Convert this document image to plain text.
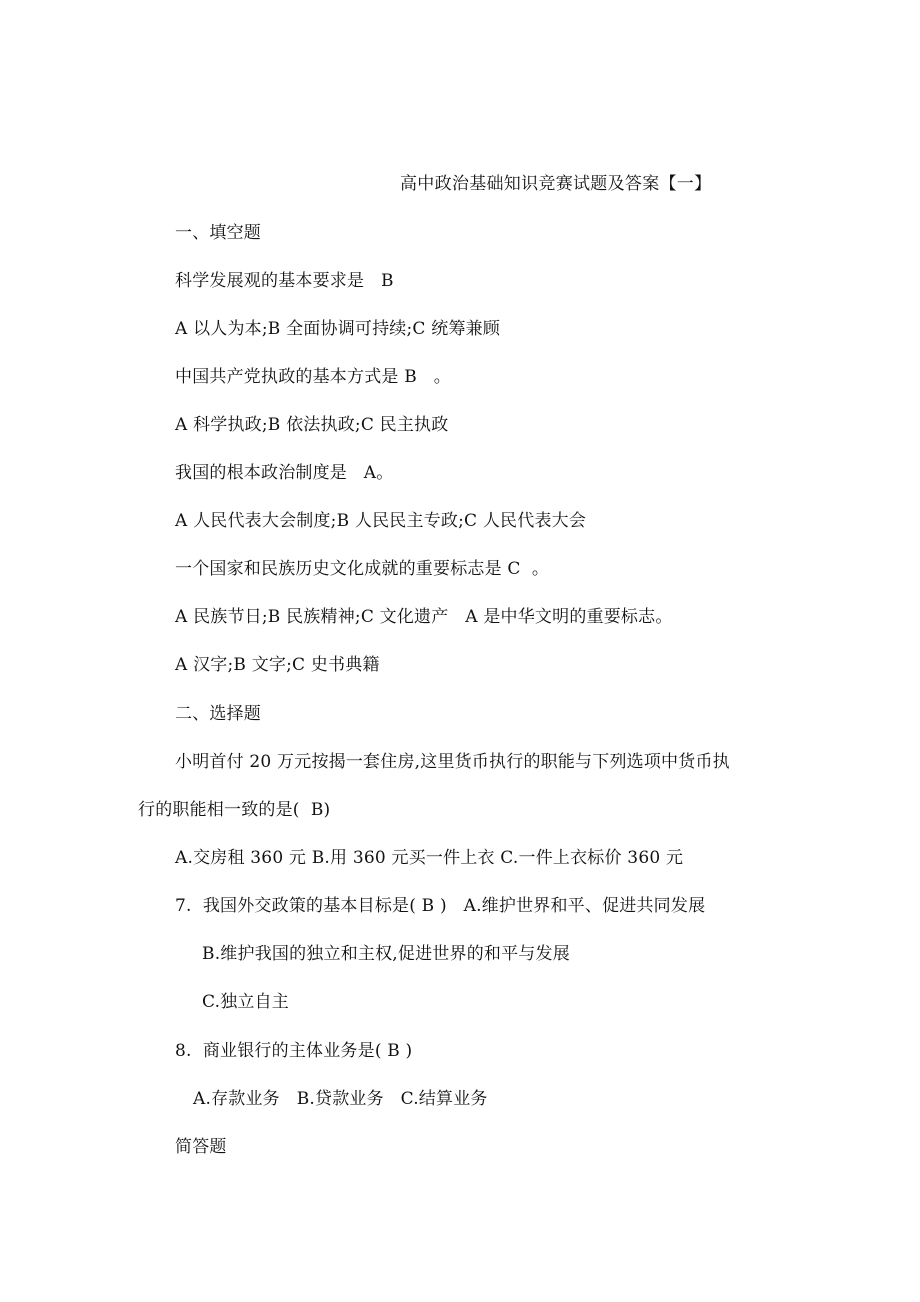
高中政治基础知识竞赛试题及答案【一】
一、填空题
科学发展观的基本要求是   B
A 以人为本;B 全面协调可持续;C 统筹兼顾
中国共产党执政的基本方式是 B   。
A 科学执政;B 依法执政;C 民主执政
我国的根本政治制度是   A。
A 人民代表大会制度;B 人民民主专政;C 人民代表大会
一个国家和民族历史文化成就的重要标志是 C  。
A 民族节日;B 民族精神;C 文化遗产   A 是中华文明的重要标志。
A 汉字;B 文字;C 史书典籍
二、选择题
小明首付 20 万元按揭一套住房,这里货币执行的职能与下列选项中货币执
行的职能相一致的是(  B)
A.交房租 360 元 B.用 360 元买一件上衣 C.一件上衣标价 360 元
7.  我国外交政策的基本目标是( B )   A.维护世界和平、促进共同发展
B.维护我国的独立和主权,促进世界的和平与发展
C.独立自主
8.  商业银行的主体业务是( B )
A.存款业务   B.贷款业务   C.结算业务
简答题
